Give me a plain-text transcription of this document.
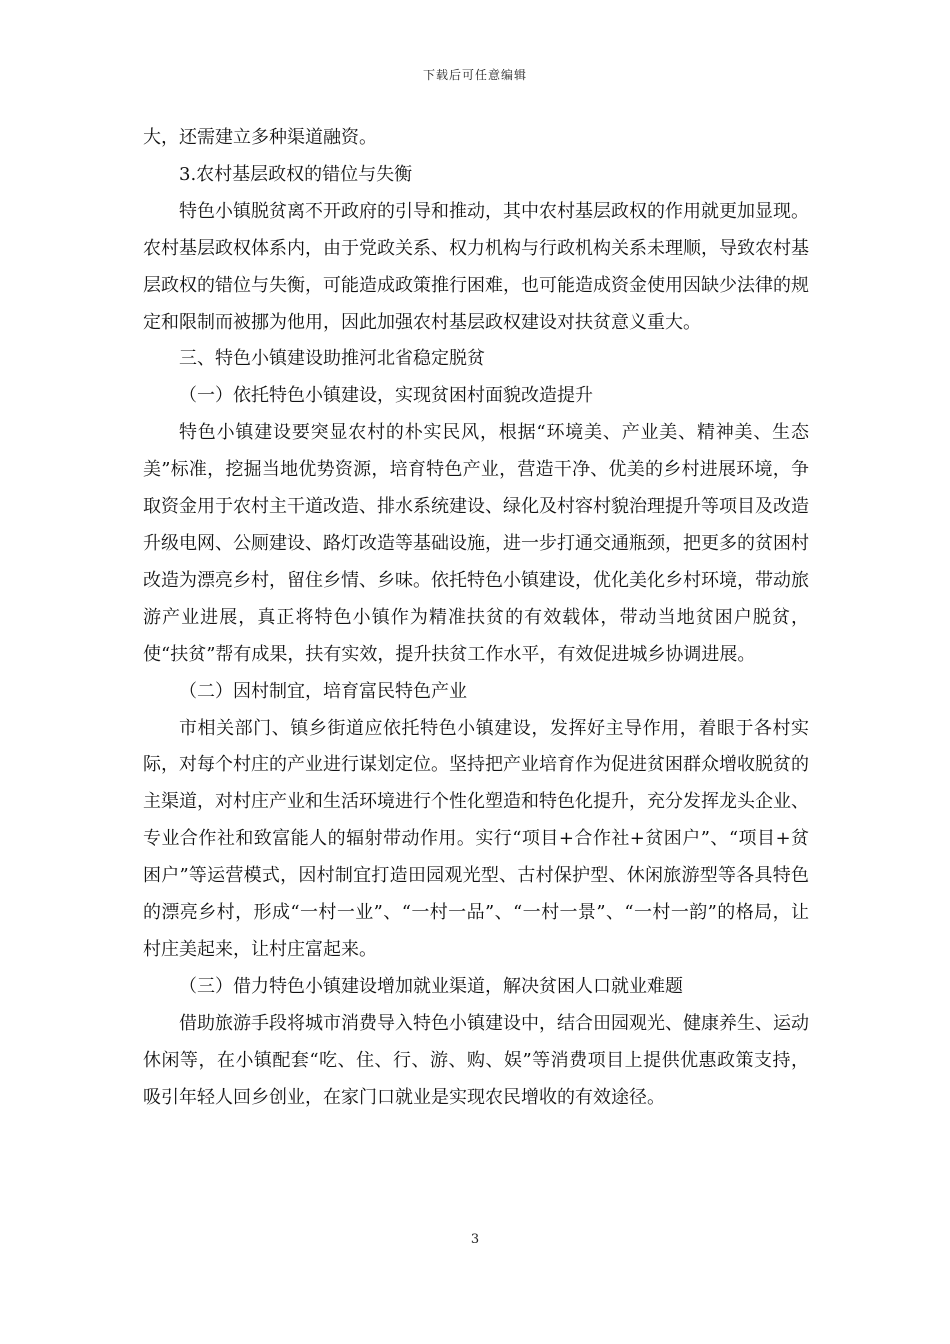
下载后可任意编辑

大，还需建立多种渠道融资。

3.农村基层政权的错位与失衡

特色小镇脱贫离不开政府的引导和推动，其中农村基层政权的作用就更加显现。农村基层政权体系内，由于党政关系、权力机构与行政机构关系未理顺，导致农村基层政权的错位与失衡，可能造成政策推行困难，也可能造成资金使用因缺少法律的规定和限制而被挪为他用，因此加强农村基层政权建设对扶贫意义重大。

三、特色小镇建设助推河北省稳定脱贫

（一）依托特色小镇建设，实现贫困村面貌改造提升

特色小镇建设要突显农村的朴实民风，根据“环境美、产业美、精神美、生态美”标准，挖掘当地优势资源，培育特色产业，营造干净、优美的乡村进展环境，争取资金用于农村主干道改造、排水系统建设、绿化及村容村貌治理提升等项目及改造升级电网、公厕建设、路灯改造等基础设施，进一步打通交通瓶颈，把更多的贫困村改造为漂亮乡村，留住乡情、乡味。依托特色小镇建设，优化美化乡村环境，带动旅游产业进展，真正将特色小镇作为精准扶贫的有效载体，带动当地贫困户脱贫，使“扶贫”帮有成果，扶有实效，提升扶贫工作水平，有效促进城乡协调进展。

（二）因村制宜，培育富民特色产业

市相关部门、镇乡街道应依托特色小镇建设，发挥好主导作用，着眼于各村实际，对每个村庄的产业进行谋划定位。坚持把产业培育作为促进贫困群众增收脱贫的主渠道，对村庄产业和生活环境进行个性化塑造和特色化提升，充分发挥龙头企业、专业合作社和致富能人的辐射带动作用。实行“项目+合作社+贫困户”、“项目+贫困户”等运营模式，因村制宜打造田园观光型、古村保护型、休闲旅游型等各具特色的漂亮乡村，形成“一村一业”、“一村一品”、“一村一景”、“一村一韵”的格局，让村庄美起来，让村庄富起来。

（三）借力特色小镇建设增加就业渠道，解决贫困人口就业难题

借助旅游手段将城市消费导入特色小镇建设中，结合田园观光、健康养生、运动休闲等，在小镇配套“吃、住、行、游、购、娱”等消费项目上提供优惠政策支持，吸引年轻人回乡创业，在家门口就业是实现农民增收的有效途径。

3
